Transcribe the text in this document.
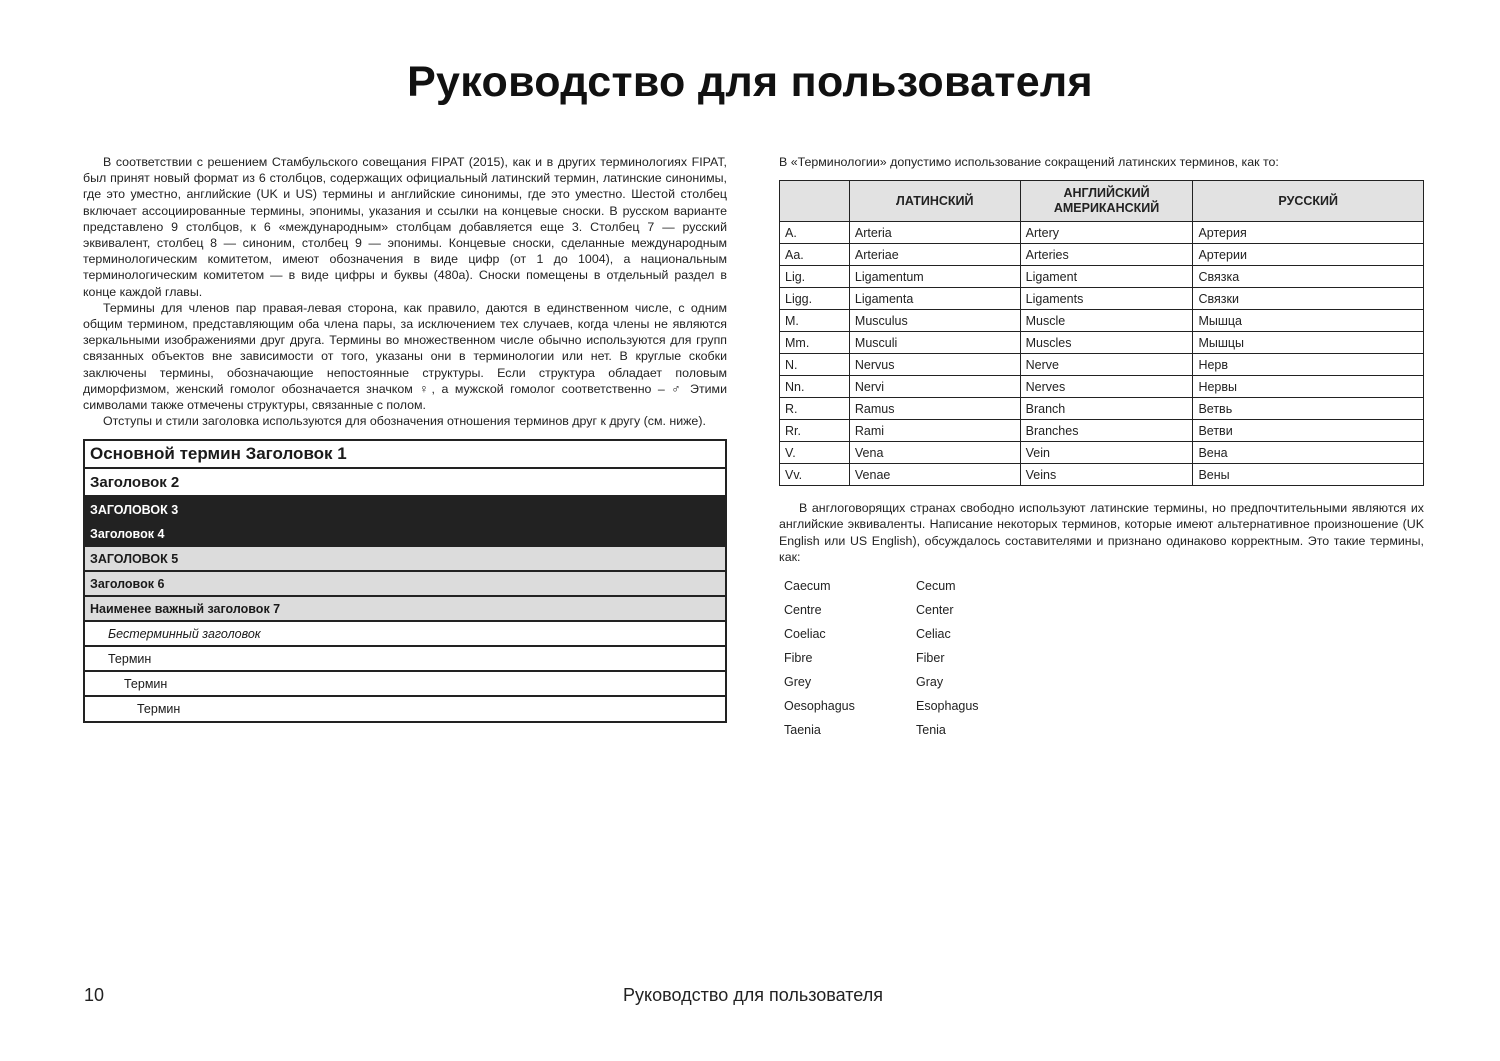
Руководство для пользователя

В соответствии с решением Стамбульского совещания FIPAT (2015), как и в других терминологиях FIPAT, был принят новый формат из 6 столбцов, содержащих официальный латинский термин, латинские синонимы, где это уместно, английские (UK и US) термины и английские синонимы, где это уместно. Шестой столбец включает ассоциированные термины, эпонимы, указания и ссылки на концевые сноски. В русском варианте представлено 9 столбцов, к 6 «международным» столбцам добавляется еще 3. Столбец 7 — русский эквивалент, столбец 8 — синоним, столбец 9 — эпонимы. Концевые сноски, сделанные международным терминологическим комитетом, имеют обозначения в виде цифр (от 1 до 1004), а национальным терминологическим комитетом — в виде цифры и буквы (480a). Сноски помещены в отдельный раздел в конце каждой главы.

Термины для членов пар правая-левая сторона, как правило, даются в единственном числе, с одним общим термином, представляющим оба члена пары, за исключением тех случаев, когда члены не являются зеркальными изображениями друг друга. Термины во множественном числе обычно используются для групп связанных объектов вне зависимости от того, указаны они в терминологии или нет. В круглые скобки заключены термины, обозначающие непостоянные структуры. Если структура обладает половым диморфизмом, женский гомолог обозначается значком ♀, а мужской гомолог соответственно – ♂ Этими символами также отмечены структуры, связанные с полом.

Отступы и стили заголовка используются для обозначения отношения терминов друг к другу (см. ниже).

Основной термин Заголовок 1
Заголовок 2
ЗАГОЛОВОК 3
Заголовок 4
ЗАГОЛОВОК 5
Заголовок 6
Наименее важный заголовок 7
Бестерминный заголовок
Термин
Термин
Термин

В «Терминологии» допустимо использование сокращений латинских терминов, как то:

	ЛАТИНСКИЙ	АНГЛИЙСКИЙ АМЕРИКАНСКИЙ	РУССКИЙ
A.	Arteria	Artery	Артерия
Aa.	Arteriae	Arteries	Артерии
Lig.	Ligamentum	Ligament	Связка
Ligg.	Ligamenta	Ligaments	Связки
M.	Musculus	Muscle	Мышца
Mm.	Musculi	Muscles	Мышцы
N.	Nervus	Nerve	Нерв
Nn.	Nervi	Nerves	Нервы
R.	Ramus	Branch	Ветвь
Rr.	Rami	Branches	Ветви
V.	Vena	Vein	Вена
Vv.	Venae	Veins	Вены

В англоговорящих странах свободно используют латинские термины, но предпочтительными являются их английские эквиваленты. Написание некоторых терминов, которые имеют альтернативное произношение (UK English или US English), обсуждалось составителями и признано одинаково корректным. Это такие термины, как:

Caecum	Cecum
Centre	Center
Coeliac	Celiac
Fibre	Fiber
Grey	Gray
Oesophagus	Esophagus
Taenia	Tenia
10	Руководство для пользователя
